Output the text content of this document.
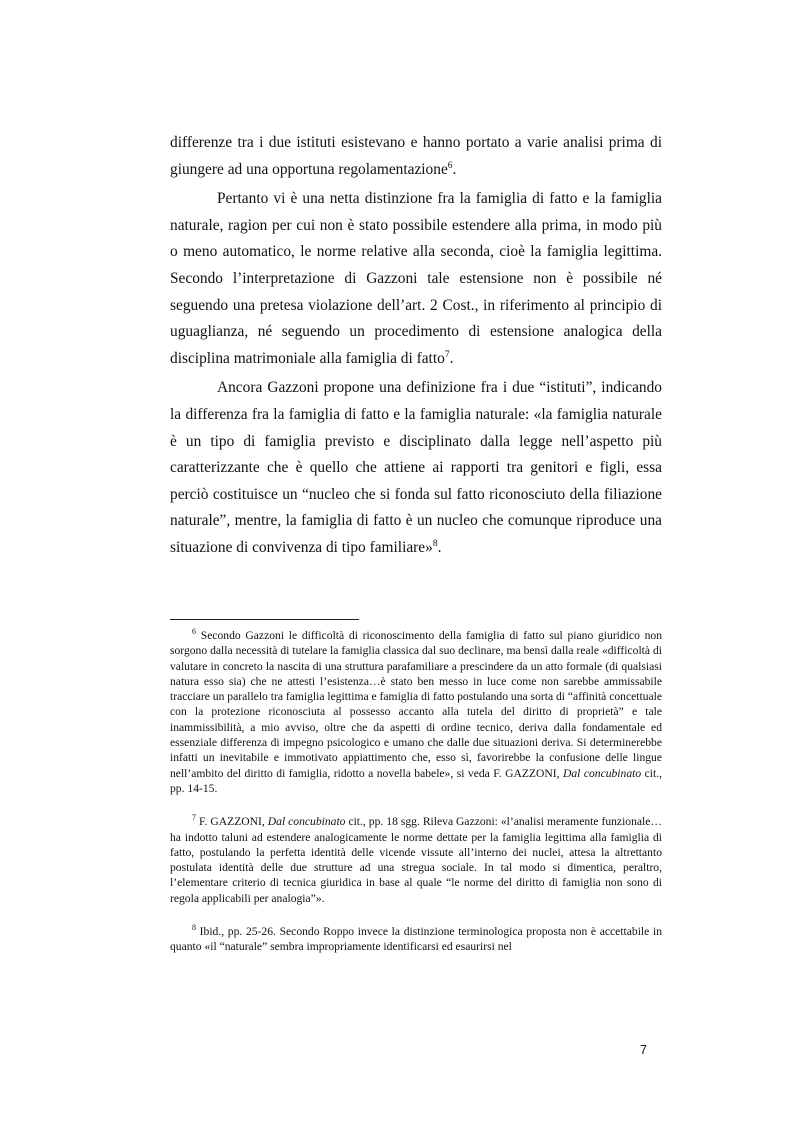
differenze tra i due istituti esistevano e hanno portato a varie analisi prima di giungere ad una opportuna regolamentazione$^6$.

Pertanto vi è una netta distinzione fra la famiglia di fatto e la famiglia naturale, ragion per cui non è stato possibile estendere alla prima, in modo più o meno automatico, le norme relative alla seconda, cioè la famiglia legittima. Secondo l’interpretazione di Gazzoni tale estensione non è possibile né seguendo una pretesa violazione dell’art. 2 Cost., in riferimento al principio di uguaglianza, né seguendo un procedimento di estensione analogica della disciplina matrimoniale alla famiglia di fatto$^7$.

Ancora Gazzoni propone una definizione fra i due “istituti”, indicando la differenza fra la famiglia di fatto e la famiglia naturale: «la famiglia naturale è un tipo di famiglia previsto e disciplinato dalla legge nell’aspetto più caratterizzante che è quello che attiene ai rapporti tra genitori e figli, essa perciò costituisce un “nucleo che si fonda sul fatto riconosciuto della filiazione naturale”, mentre, la famiglia di fatto è un nucleo che comunque riproduce una situazione di convivenza di tipo familiare»$^8$.

$^6$ Secondo Gazzoni le difficoltà di riconoscimento della famiglia di fatto sul piano giuridico non sorgono dalla necessità di tutelare la famiglia classica dal suo declinare, ma bensì dalla reale «difficoltà di valutare in concreto la nascita di una struttura parafamiliare a prescindere da un atto formale (di qualsiasi natura esso sia) che ne attesti l’esistenza…è stato ben messo in luce come non sarebbe ammissabile tracciare un parallelo tra famiglia legittima e famiglia di fatto postulando una sorta di “affinità concettuale con la protezione riconosciuta al possesso accanto alla tutela del diritto di proprietà” e tale inammissibilità, a mio avviso, oltre che da aspetti di ordine tecnico, deriva dalla fondamentale ed essenziale differenza di impegno psicologico e umano che dalle due situazioni deriva. Si determinerebbe infatti un inevitabile e immotivato appiattimento che, esso sì, favorirebbe la confusione delle lingue nell’ambito del diritto di famiglia, ridotto a novella babele», si veda F. GAZZONI, Dal concubinato cit., pp. 14-15.

$^7$ F. GAZZONI, Dal concubinato cit., pp. 18 sgg. Rileva Gazzoni: «l’analisi meramente funzionale…ha indotto taluni ad estendere analogicamente le norme dettate per la famiglia legittima alla famiglia di fatto, postulando la perfetta identità delle vicende vissute all’interno dei nuclei, attesa la altrettanto postulata identità delle due strutture ad una stregua sociale. In tal modo si dimentica, peraltro, l’elementare criterio di tecnica giuridica in base al quale “le norme del diritto di famiglia non sono di regola applicabili per analogia”».

$^8$ Ibid., pp. 25-26. Secondo Roppo invece la distinzione terminologica proposta non è accettabile in quanto «il “naturale” sembra impropriamente identificarsi ed esaurirsi nel

7
